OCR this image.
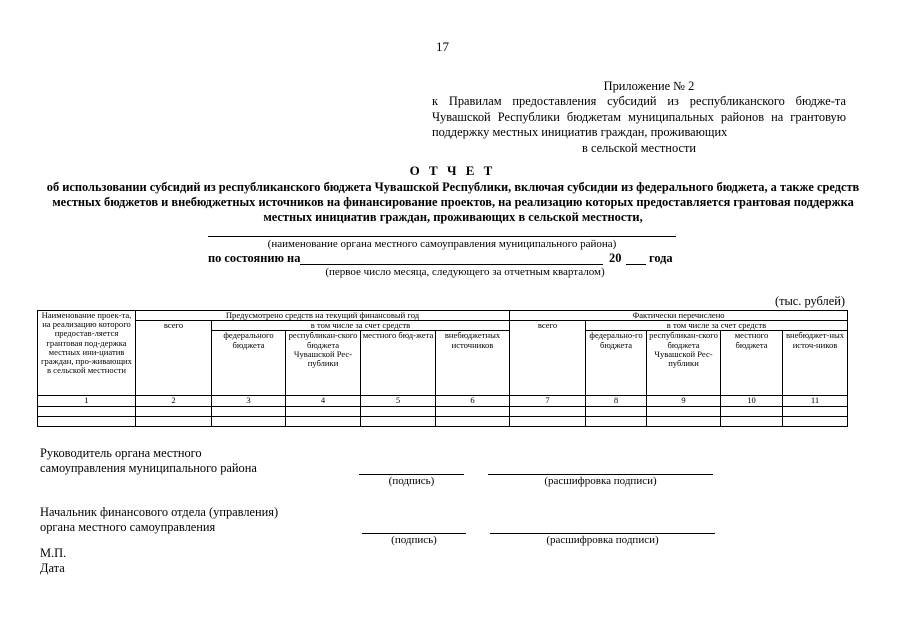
17
Приложение № 2
к Правилам предоставления субсидий из республиканского бюдже-та Чувашской Республики бюджетам муниципальных районов на грантовую поддержку местных инициатив граждан, проживающих
в сельской местности
О Т Ч Е Т
об использовании субсидий из республиканского бюджета Чувашской Республики, включая субсидии из федерального бюджета, а также средств местных бюджетов и внебюджетных источников на финансирование проектов, на реализацию которых предоставляется грантовая поддержка местных инициатив граждан, проживающих в сельской местности,
(наименование органа местного самоуправления муниципального района)
по состоянию на	20 года
(первое число месяца, следующего за отчетным кварталом)
(тыс. рублей)
Наименование проек-та, на реализацию которого предостав-ляется грантовая под-держка местных ини-циатив граждан, про-живающих в сельской местности	Предусмотрено средств на текущий финансовый год					Фактически перечислено				
	всего	в том числе за счет средств				всего	в том числе за счет средств			
		федерального бюджета	республикан-ского бюджета Чувашской Рес-публики	местного бюд-жета	внебюджетных источников		федерально-го бюджета	республикан-ского бюджета Чувашской Рес-публики	местного бюджета	внебюджет-ных источ-ников
1	2	3	4	5	6	7	8	9	10	11

Руководитель органа местного
самоуправления муниципального района
(подпись)	(расшифровка подписи)
Начальник финансового отдела (управления)
органа местного самоуправления
(подпись)	(расшифровка подписи)
М.П.
Дата
